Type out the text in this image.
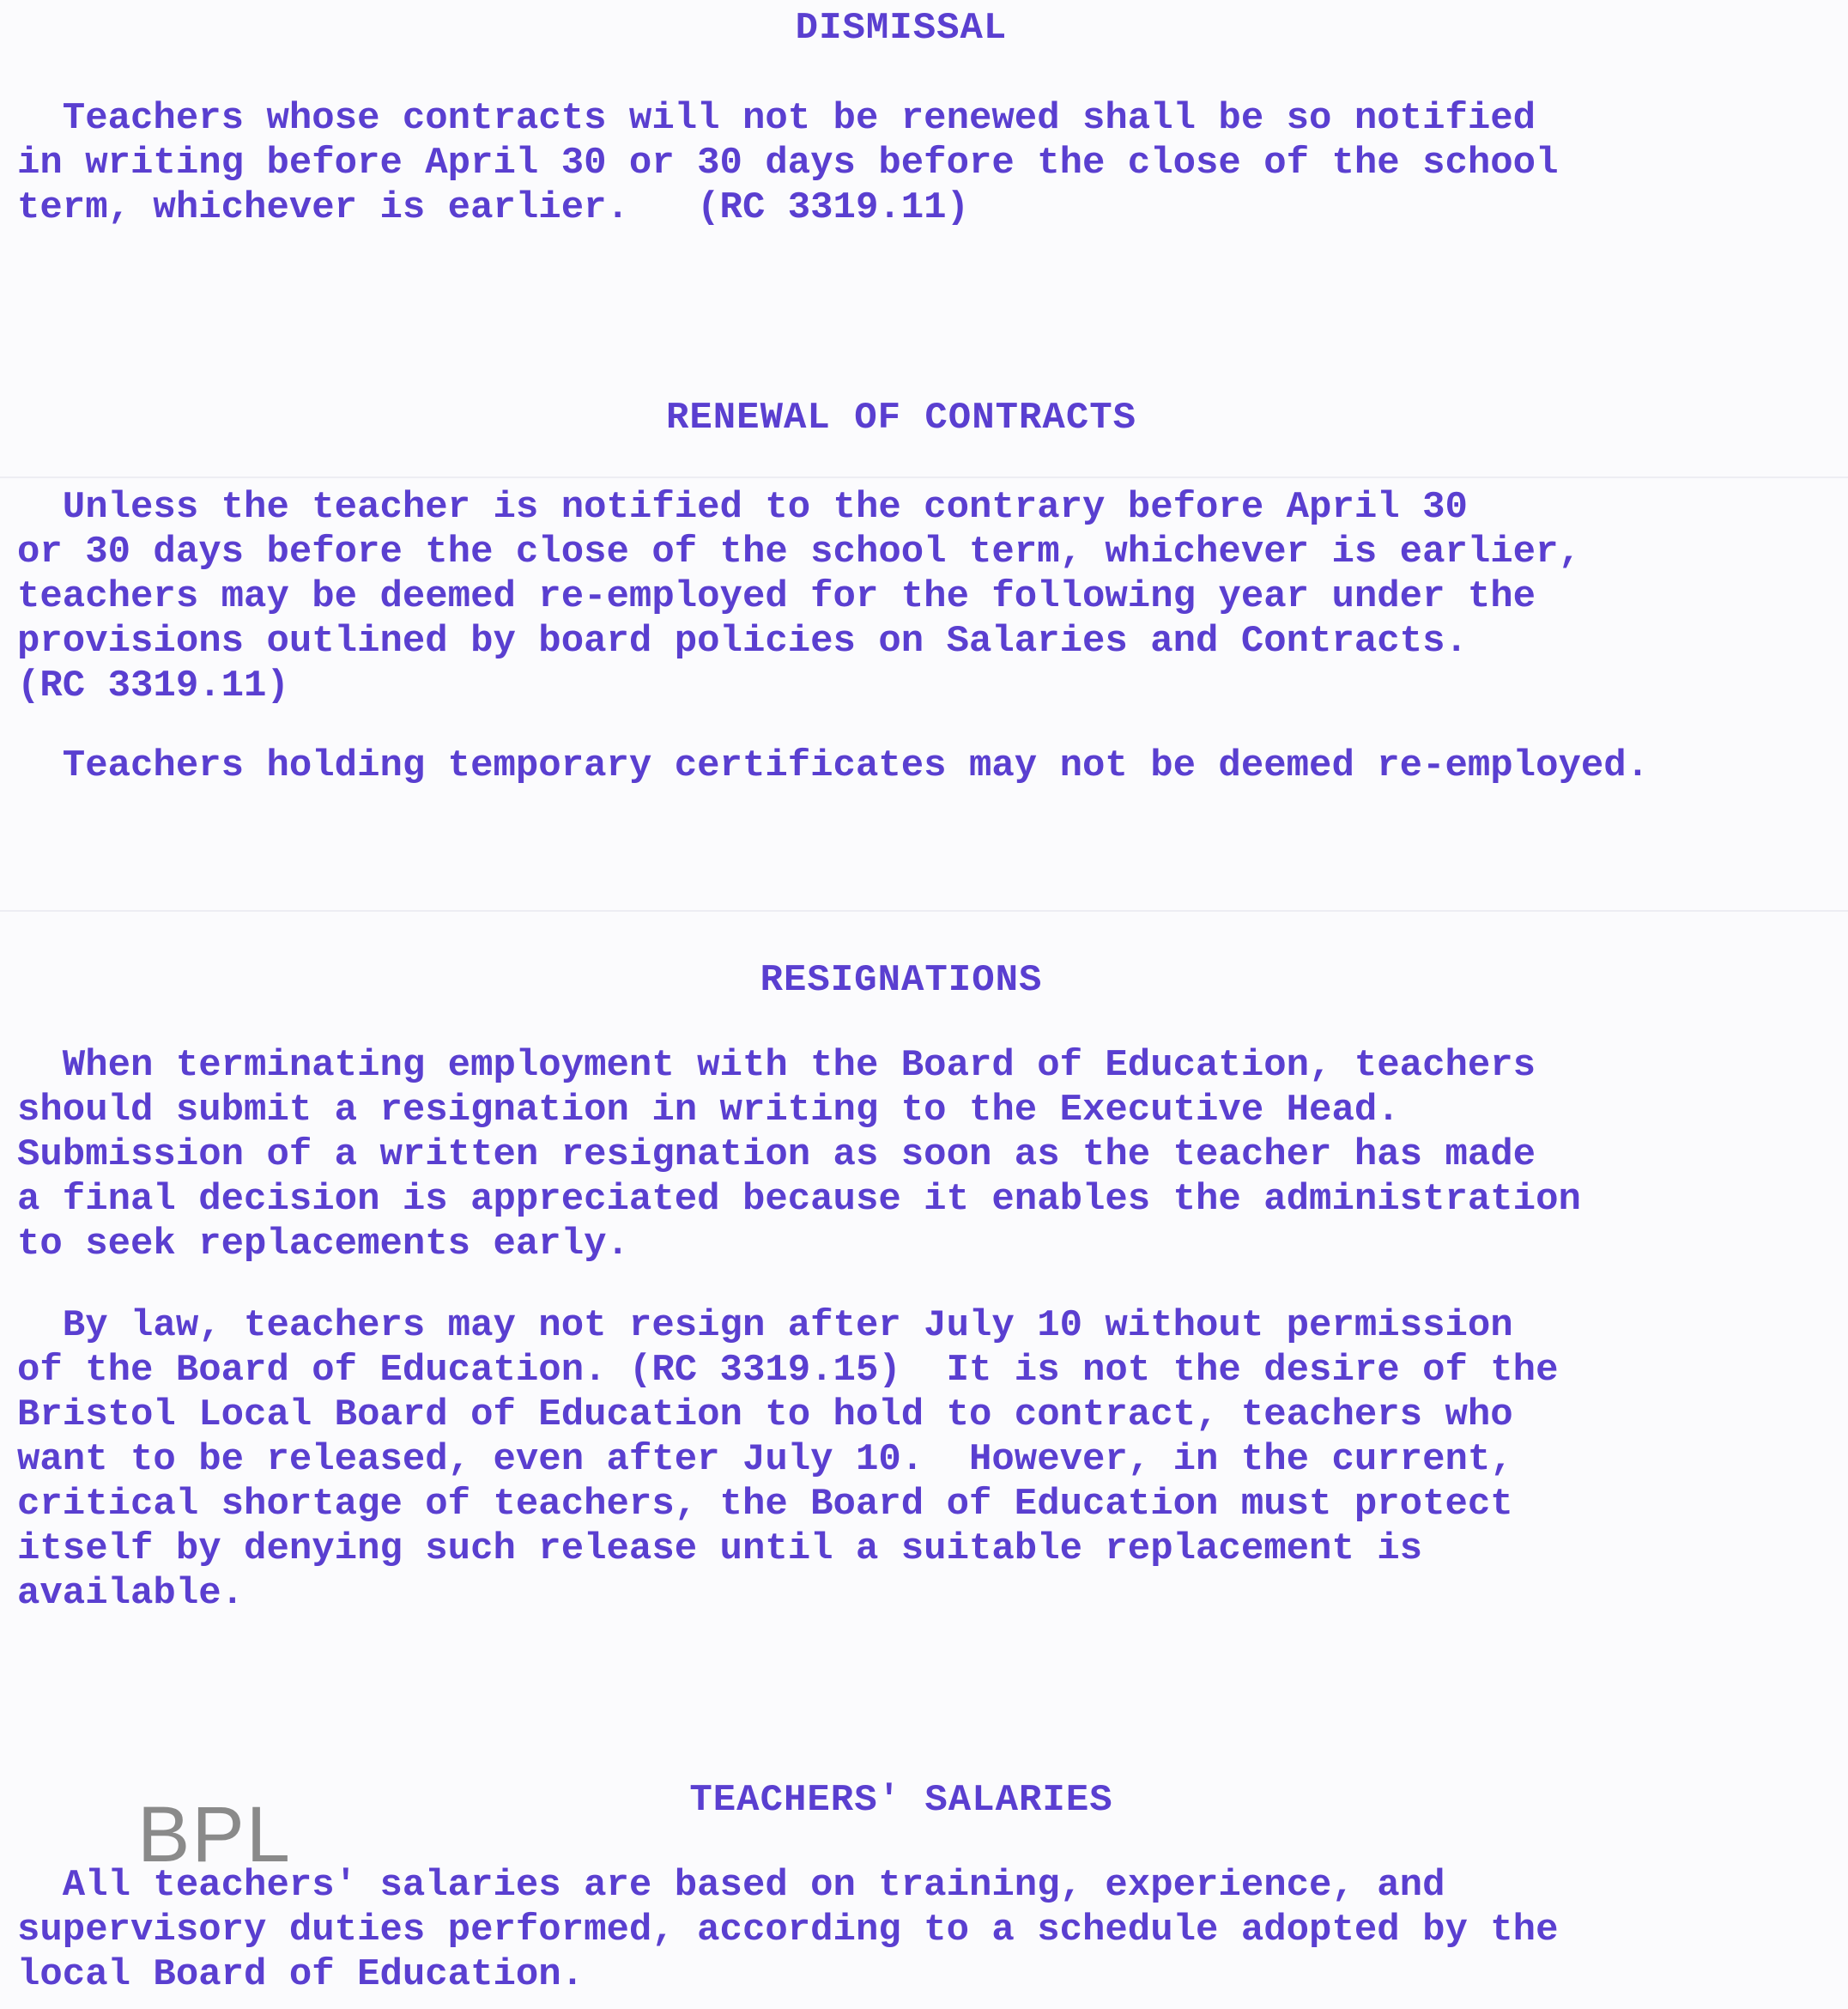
DISMISSAL
Teachers whose contracts will not be renewed shall be so notified
in writing before April 30 or 30 days before the close of the school
term, whichever is earlier.   (RC 3319.11)
RENEWAL OF CONTRACTS
Unless the teacher is notified to the contrary before April 30
or 30 days before the close of the school term, whichever is earlier,
teachers may be deemed re-employed for the following year under the
provisions outlined by board policies on Salaries and Contracts.
(RC 3319.11)
Teachers holding temporary certificates may not be deemed re-employed.
RESIGNATIONS
When terminating employment with the Board of Education, teachers
should submit a resignation in writing to the Executive Head.
Submission of a written resignation as soon as the teacher has made
a final decision is appreciated because it enables the administration
to seek replacements early.
By law, teachers may not resign after July 10 without permission
of the Board of Education. (RC 3319.15)  It is not the desire of the
Bristol Local Board of Education to hold to contract, teachers who
want to be released, even after July 10.  However, in the current,
critical shortage of teachers, the Board of Education must protect
itself by denying such release until a suitable replacement is
available.
TEACHERS' SALARIES
All teachers' salaries are based on training, experience, and
supervisory duties performed, according to a schedule adopted by the
local Board of Education.
BPL
